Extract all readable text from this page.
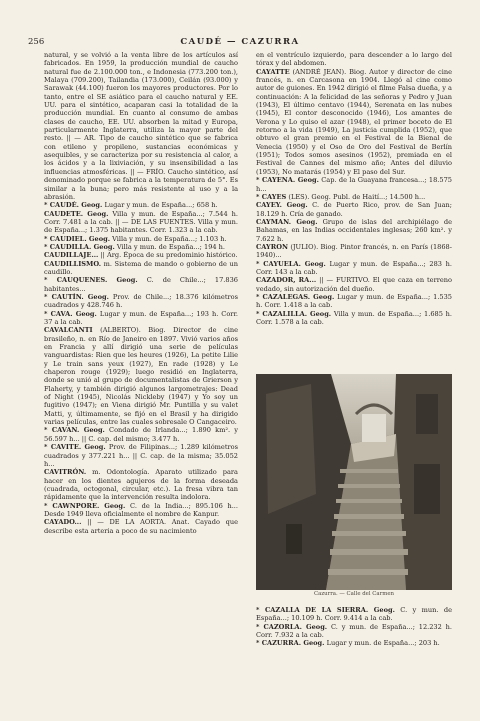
256	CAUDÉ — CAZURRA

natural, y se volvió a la venta libre de los artículos así fabricados. En 1959, la producción mundial de caucho natural fue de 2.100.000 ton., e Indonesia (773.200 ton.), Malaya (709.200), Tailandia (173.000), Ceilán (93.000) y Sarawak (44.100) fueron los mayores productores. Por lo tanto, entre el SE asiático para el caucho natural y EE. UU. para el sintético, acaparan casi la totalidad de la producción mundial. En cuanto al consumo de ambas clases de caucho, EE. UU. absorben la mitad y Europa, particularmente Inglaterra, utiliza la mayor parte del resto. || — AR. Tipo de caucho sintético que se fabrica con etileno y propileno, sustancias económicas y asequibles, y se caracteriza por su resistencia al calor, a los ácidos y a la lixiviación, y su insensibilidad a las influencias atmosféricas. || — FRÍO. Caucho sintético, así denominado porque se fabrica a la temperatura de 5°. Es similar a la buna; pero más resistente al uso y a la abrasión.

* CAUDÉ. Geog. Lugar y mun. de España...; 658 h.

CAUDETE. Geog. Villa y mun. de España...; 7.544 h. Corr. 7.481 a la cab. || — DE LAS FUENTES. Villa y mun. de España...; 1.375 habitantes. Corr. 1.323 a la cab.

* CAUDIEL. Geog. Villa y mun. de España...; 1.103 h.

* CAUDILLA. Geog. Villa y mun. de España...; 194 h.

CAUDILLAJE... || Arg. Época de su predominio histórico.

CAUDILLISMO. m. Sistema de mando o gobierno de un caudillo.

* CAUQUENES. Geog. C. de Chile...; 17.836 habitantes...

* CAUTÍN. Geog. Prov. de Chile...; 18.376 kilómetros cuadrados y 428.746 h.

* CAVA. Geog. Lugar y mun. de España...; 193 h. Corr. 37 a la cab.

CAVALCANTI (ALBERTO). Biog. Director de cine brasileño, n. en Río de Janeiro en 1897. Vivió varios años en Francia y allí dirigió una serie de películas vanguardistas: Rien que les heures (1926), La petite Lilie y Le train sans yeux (1927), En rade (1928) y Le chaperon rouge (1929); luego residió en Inglaterra, donde se unió al grupo de documentalistas de Grierson y Flaherty, y también dirigió algunos largometrajes: Dead of Night (1945), Nicolás Nickleby (1947) y Yo soy un fugitivo (1947); en Viena dirigió Mr. Puntilla y su valet Matti, y, últimamente, se fijó en el Brasil y ha dirigido varias películas, entre las cuales sobresale O Cangaceiro.

* CAVAN. Geog. Condado de Irlanda...; 1.890 km². y 56.597 h... || C. cap. del mismo; 3.477 h.

* CAVITE. Geog. Prov. de Filipinas...; 1.289 kilómetros cuadrados y 377.221 h... || C. cap. de la misma; 35.052 h...

CAVITRÓN. m. Odontología. Aparato utilizado para hacer en los dientes agujeros de la forma deseada (cuadrada, octogonal, circular, etc.). La fresa vibra tan rápidamente que la intervención resulta indolora.

* CAWNPORE. Geog. C. de la India...; 895.106 h... Desde 1949 lleva oficialmente el nombre de Kanpur.

CAYADO... || — DE LA AORTA. Anat. Cayado que describe esta arteria a poco de su nacimiento

en el ventrículo izquierdo, para descender a lo largo del tórax y del abdomen.

CAYATTE (ANDRÉ JEAN). Biog. Autor y director de cine francés, n. en Carcasona en 1904. Llegó al cine como autor de guiones. En 1942 dirigió el filme Falsa dueña, y a continuación: A la felicidad de las señoras y Pedro y Juan (1943), El último centavo (1944), Serenata en las nubes (1945), El contor desconocido (1946), Los amantes de Verona y Lo quiso el azar (1948), el primer boceto de El retorno a la vida (1949), La justicia cumplida (1952), que obtuvo el gran premio en el Festival de la Bienal de Venecia (1950) y el Oso de Oro del Festival de Berlín (1951); Todos somos asesinos (1952), premiada en el Festival de Cannes del mismo año; Antes del diluvio (1953), No matarás (1954) y El paso del Sur.

* CAYENA. Geog. Cap. de la Guayana francesa...; 18.575 h...

* CAYES (LES). Geog. Publ. de Haití...; 14.500 h...

CAYEY. Geog. C. de Puerto Rico, prov. de San Juan; 18.129 h. Cría de ganado.

CAYMAN. Geog. Grupo de islas del archipiélago de Bahamas, en las Indias occidentales inglesas; 260 km². y 7.622 h.

CAYRON (JULIO). Biog. Pintor francés, n. en París (1868-1940)...

* CAYUELA. Geog. Lugar y mun. de España...; 283 h. Corr. 143 a la cab.

CAZADOR, RA... || — FURTIVO. El que caza en terreno vedado, sin autorización del dueño.

* CAZALEGAS. Geog. Lugar y mun. de España...; 1.535 h. Corr. 1.418 a la cab.

* CAZALILLA. Geog. Villa y mun. de España...; 1.685 h. Corr. 1.578 a la cab.

Cazurra. — Calle del Carmen

* CAZALLA DE LA SIERRA. Geog. C. y mun. de España...; 10.109 h. Corr. 9.414 a la cab.

* CAZORLA. Geog. C. y mun. de España...; 12.232 h. Corr. 7.932 a la cab.

* CAZURRA. Geog. Lugar y mun. de España...; 203 h.
